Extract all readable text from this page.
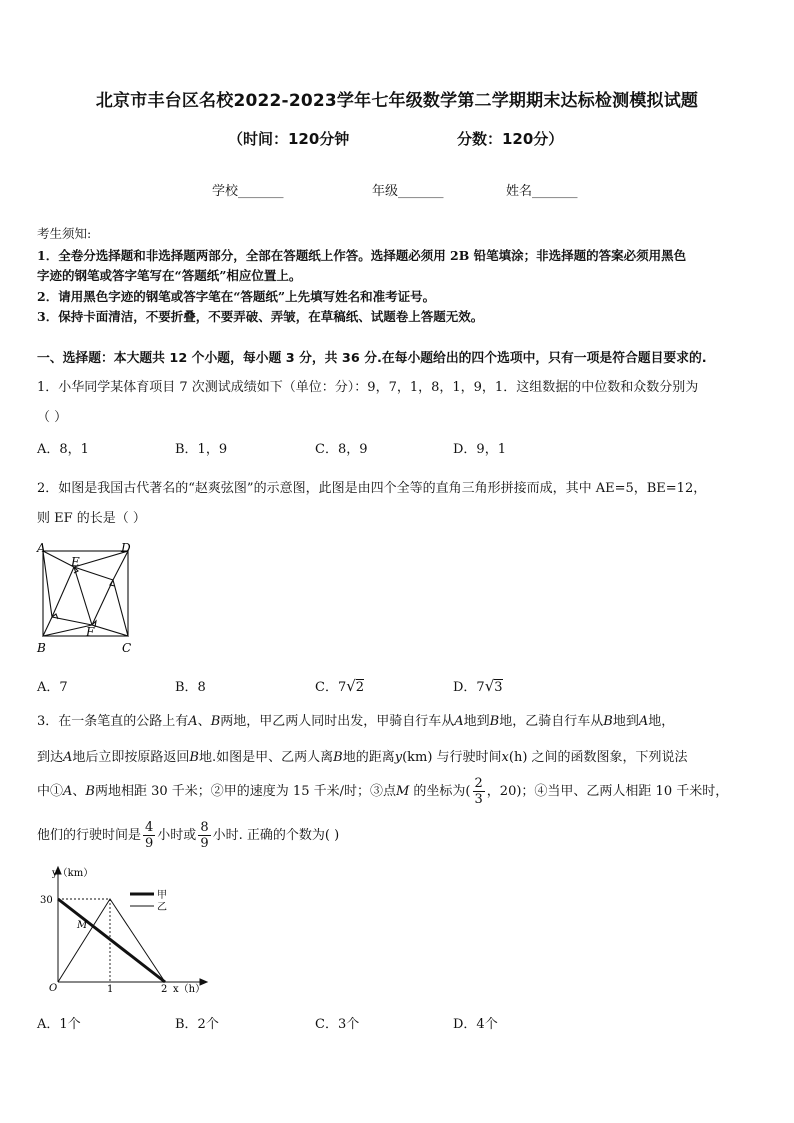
北京市丰台区名校2022-2023学年七年级数学第二学期期末达标检测模拟试题
（时间：120分钟	分数：120分）
学校_______	年级_______	姓名_______
考生须知:
1．全卷分选择题和非选择题两部分，全部在答题纸上作答。选择题必须用 2B 铅笔填涂；非选择题的答案必须用黑色
字迹的钢笔或答字笔写在“答题纸”相应位置上。
2．请用黑色字迹的钢笔或答字笔在“答题纸”上先填写姓名和准考证号。
3．保持卡面清洁，不要折叠，不要弄破、弄皱，在草稿纸、试题卷上答题无效。
一、选择题：本大题共 12 个小题，每小题 3 分，共 36 分.在每小题给出的四个选项中，只有一项是符合题目要求的.
1．小华同学某体育项目 7 次测试成绩如下（单位：分）：9，7，1，8，1，9，1．这组数据的中位数和众数分别为
（ ）
A．8，1	B．1，9	C．8，9	D．9，1
2．如图是我国古代著名的“赵爽弦图”的示意图，此图是由四个全等的直角三角形拼接而成，其中 AE=5，BE=12，
则 EF 的长是（ ）
A	D
E
F
B	C
A．7	B．8	C．7√2	D．7√3
3．在一条笔直的公路上有A、B两地，甲乙两人同时出发，甲骑自行车从A地到B地，乙骑自行车从B地到A地，
到达A地后立即按原路返回B地.如图是甲、乙两人离B地的距离y(km) 与行驶时间x(h) 之间的函数图象，下列说法
中①A、B两地相距 30 千米；②甲的速度为 15 千米/时；③点M 的坐标为( $\frac{2}{3}$ ，20)；④当甲、乙两人相距 10 千米时，
他们的行驶时间是 $\frac{4}{9}$ 小时或 $\frac{8}{9}$ 小时. 正确的个数为( )
y（km）
30
M
O	1	2 x（h）
甲
乙
A．1个	B．2个	C．3个	D．4个
